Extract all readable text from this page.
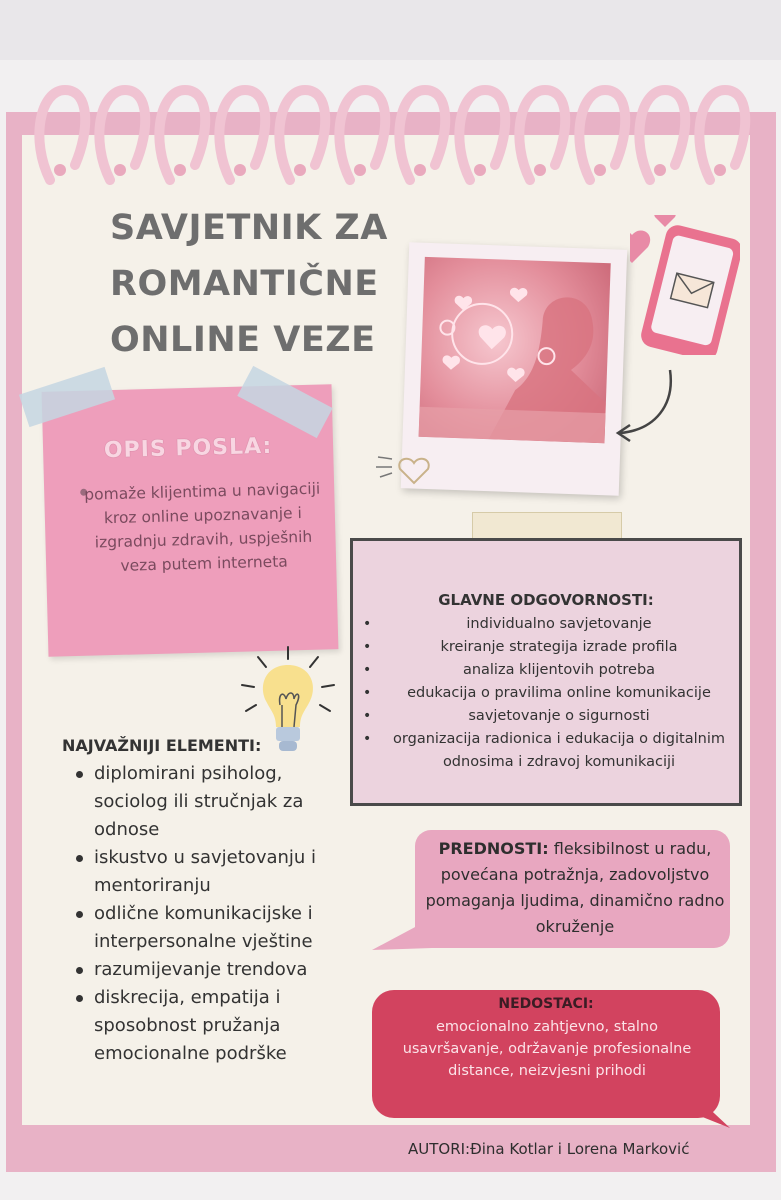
SAVJETNIK ZA
ROMANTIČNE
ONLINE VEZE
OPIS POSLA:
pomaže klijentima u navigaciji kroz online upoznavanje i izgradnju zdravih, uspješnih veza putem interneta
GLAVNE ODGOVORNOSTI:
• individualno savjetovanje
• kreiranje strategija izrade profila
• analiza klijentovih potreba
• edukacija o pravilima online komunikacije
• savjetovanje o sigurnosti
• organizacija radionica i edukacija o digitalnim odnosima i zdravoj komunikaciji
NAJVAŽNIJI ELEMENTI:
diplomirani psiholog, sociolog ili stručnjak za odnose
iskustvo u savjetovanju i mentoriranju
odlične komunikacijske i interpersonalne vještine
razumijevanje trendova
diskrecija, empatija i sposobnost pružanja emocionalne podrške
PREDNOSTI: fleksibilnost u radu, povećana potražnja, zadovoljstvo pomaganja ljudima, dinamično radno okruženje
NEDOSTACI:
emocionalno zahtjevno, stalno usavršavanje, održavanje profesionalne distance, neizvjesni prihodi
AUTORI:Đina Kotlar i Lorena Marković
